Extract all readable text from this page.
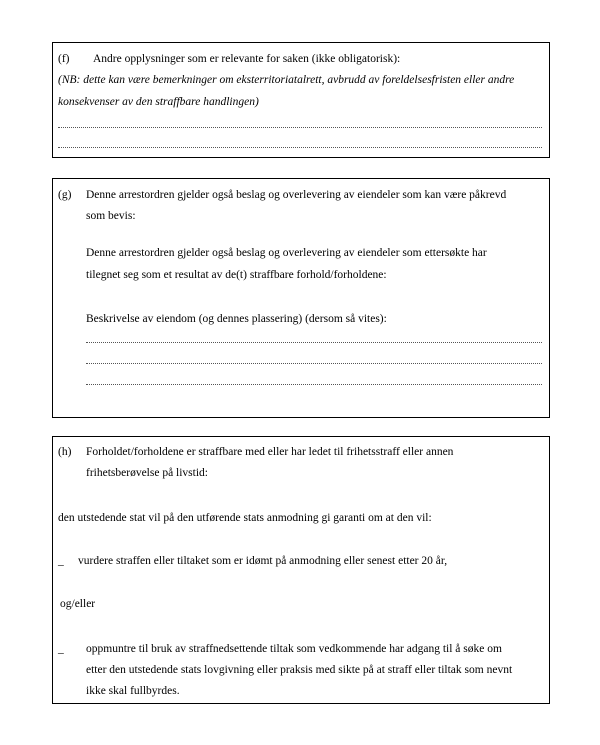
(f) Andre opplysninger som er relevante for saken (ikke obligatorisk):
(NB: dette kan være bemerkninger om eksterritoriatalrett, avbrudd av foreldelsesfristen eller andre
konsekvenser av den straffbare handlingen)
(g) Denne arrestordren gjelder også beslag og overlevering av eiendeler som kan være påkrevd
som bevis:
Denne arrestordren gjelder også beslag og overlevering av eiendeler som ettersøkte har
tilegnet seg som et resultat av de(t) straffbare forhold/forholdene:
Beskrivelse av eiendom (og dennes plassering) (dersom så vites):
(h) Forholdet/forholdene er straffbare med eller har ledet til frihetsstraff eller annen
frihetsberøvelse på livstid:
den utstedende stat vil på den utførende stats anmodning gi garanti om at den vil:
_ vurdere straffen eller tiltaket som er idømt på anmodning eller senest etter 20 år,
og/eller
_ oppmuntre til bruk av straffnedsettende tiltak som vedkommende har adgang til å søke om
etter den utstedende stats lovgivning eller praksis med sikte på at straff eller tiltak som nevnt
ikke skal fullbyrdes.
